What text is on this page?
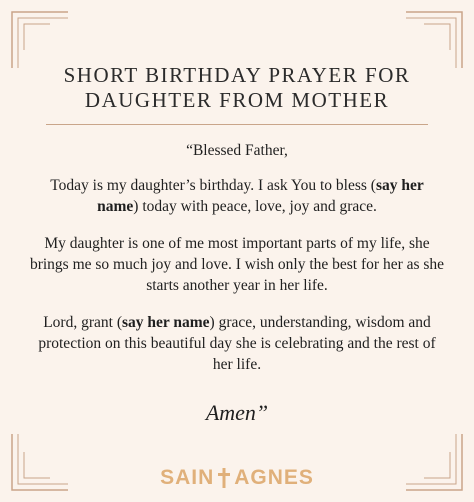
SHORT BIRTHDAY PRAYER FOR
DAUGHTER FROM MOTHER
“Blessed Father,
Today is my daughter’s birthday. I ask You to bless (say her name) today with peace, love, joy and grace.
My daughter is one of me most important parts of my life, she brings me so much joy and love. I wish only the best for her as she starts another year in her life.
Lord, grant (say her name) grace, understanding, wisdom and protection on this beautiful day she is celebrating and the rest of her life.
Amen”
SAIN AGNES
